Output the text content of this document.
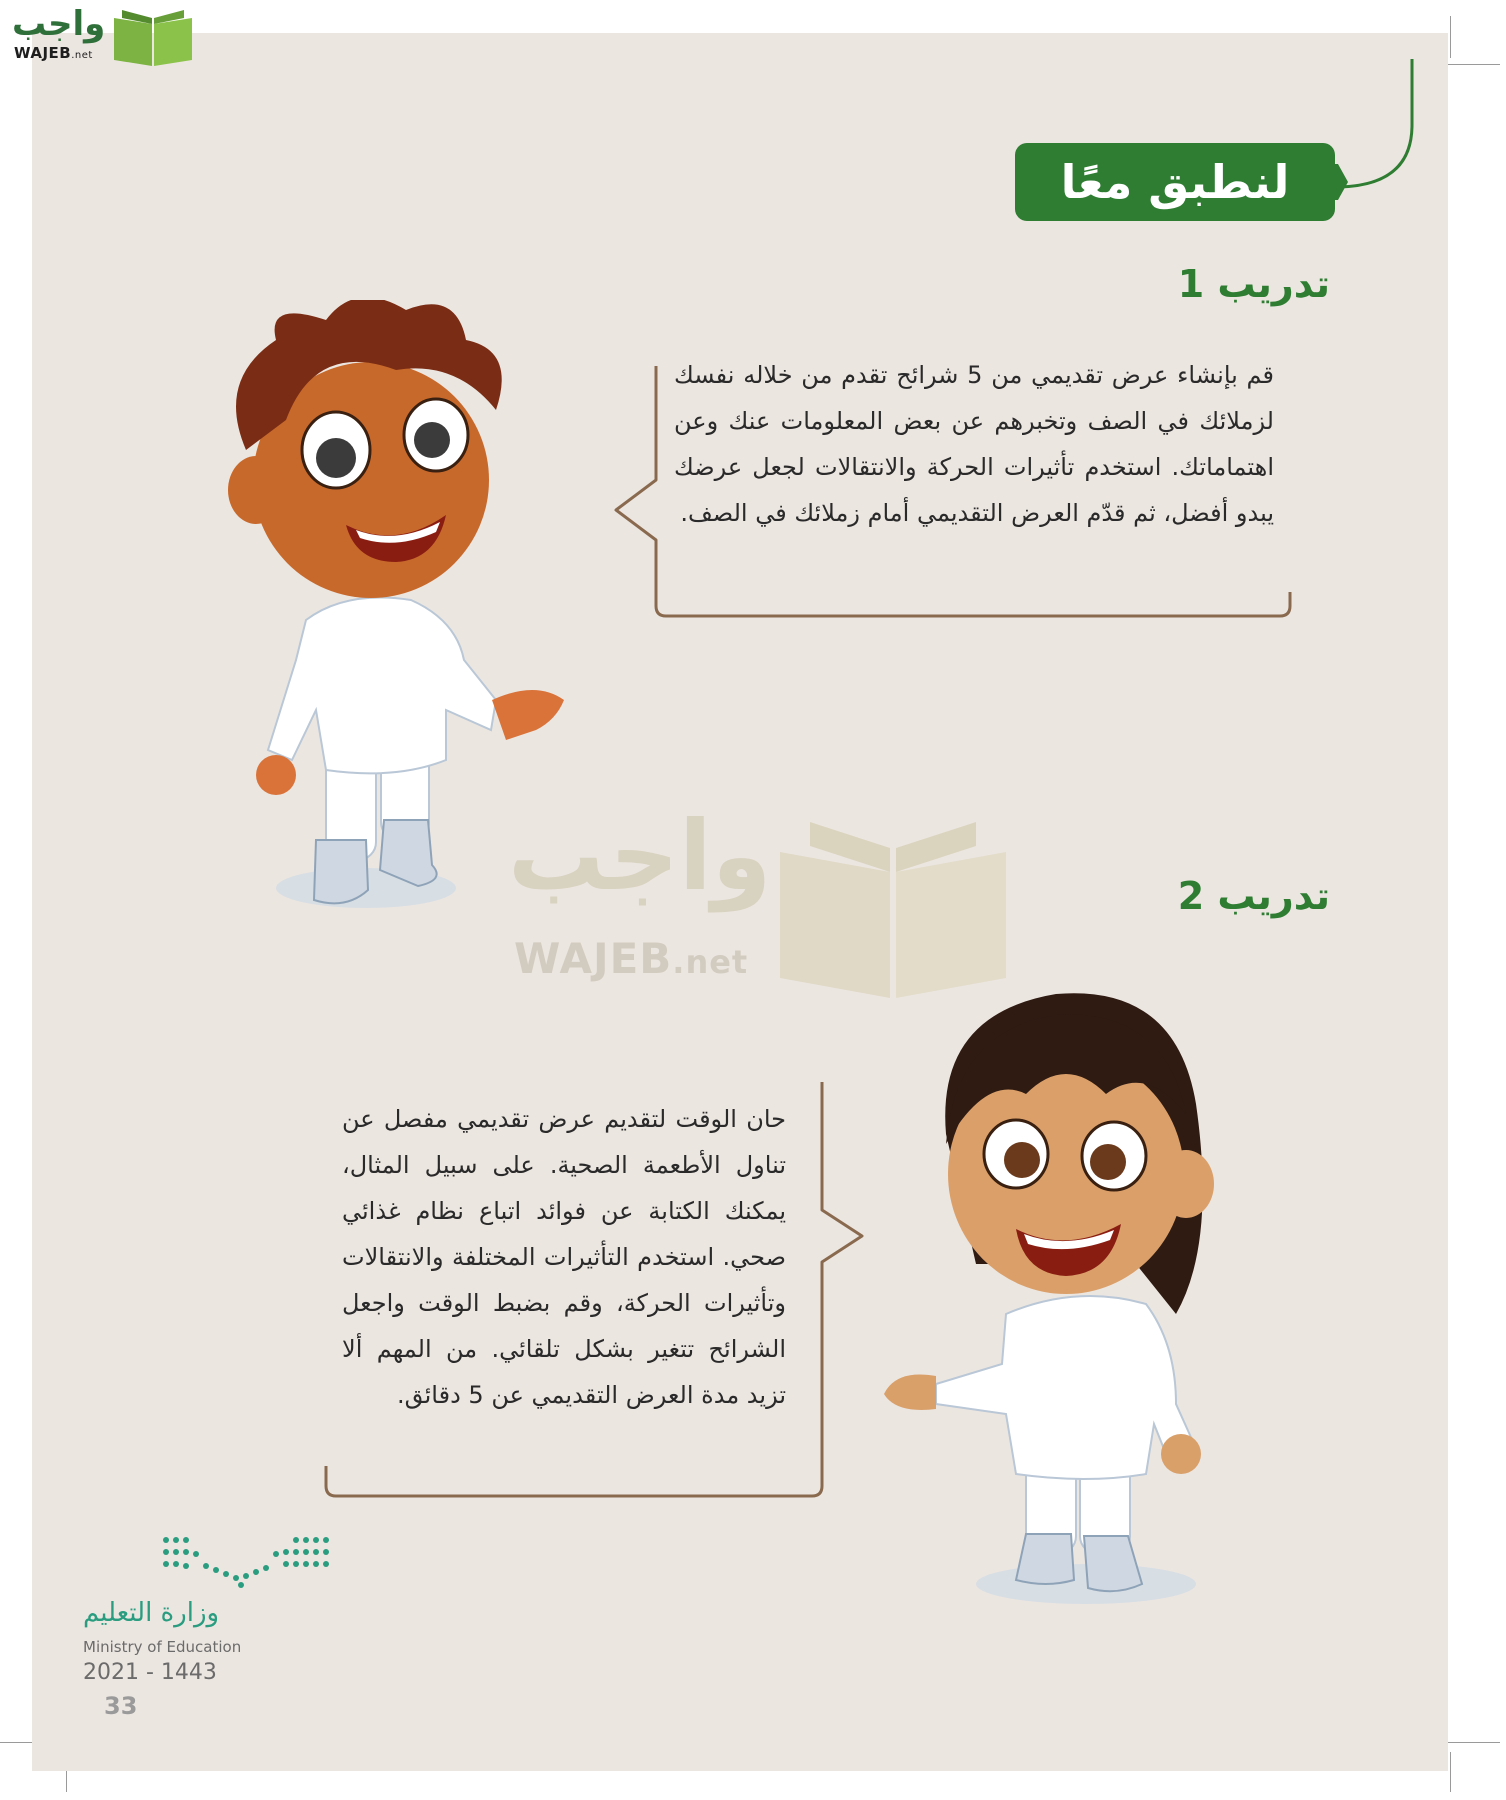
واجب
WAJEB.net
لنطبق معًا
تدريب 1
قم بإنشاء عرض تقديمي من 5 شرائح تقدم من خلاله نفسك لزملائك في الصف وتخبرهم عن بعض المعلومات عنك وعن اهتماماتك. استخدم تأثيرات الحركة والانتقالات لجعل عرضك يبدو أفضل، ثم قدّم العرض التقديمي أمام زملائك في الصف.
واجب
WAJEB.net
تدريب 2
حان الوقت لتقديم عرض تقديمي مفصل عن تناول الأطعمة الصحية. على سبيل المثال، يمكنك الكتابة عن فوائد اتباع نظام غذائي صحي. استخدم التأثيرات المختلفة والانتقالات وتأثيرات الحركة، وقم بضبط الوقت واجعل الشرائح تتغير بشكل تلقائي. من المهم ألا تزيد مدة العرض التقديمي عن 5 دقائق.
وزارة التعليم
Ministry of Education
2021 - 1443
33
